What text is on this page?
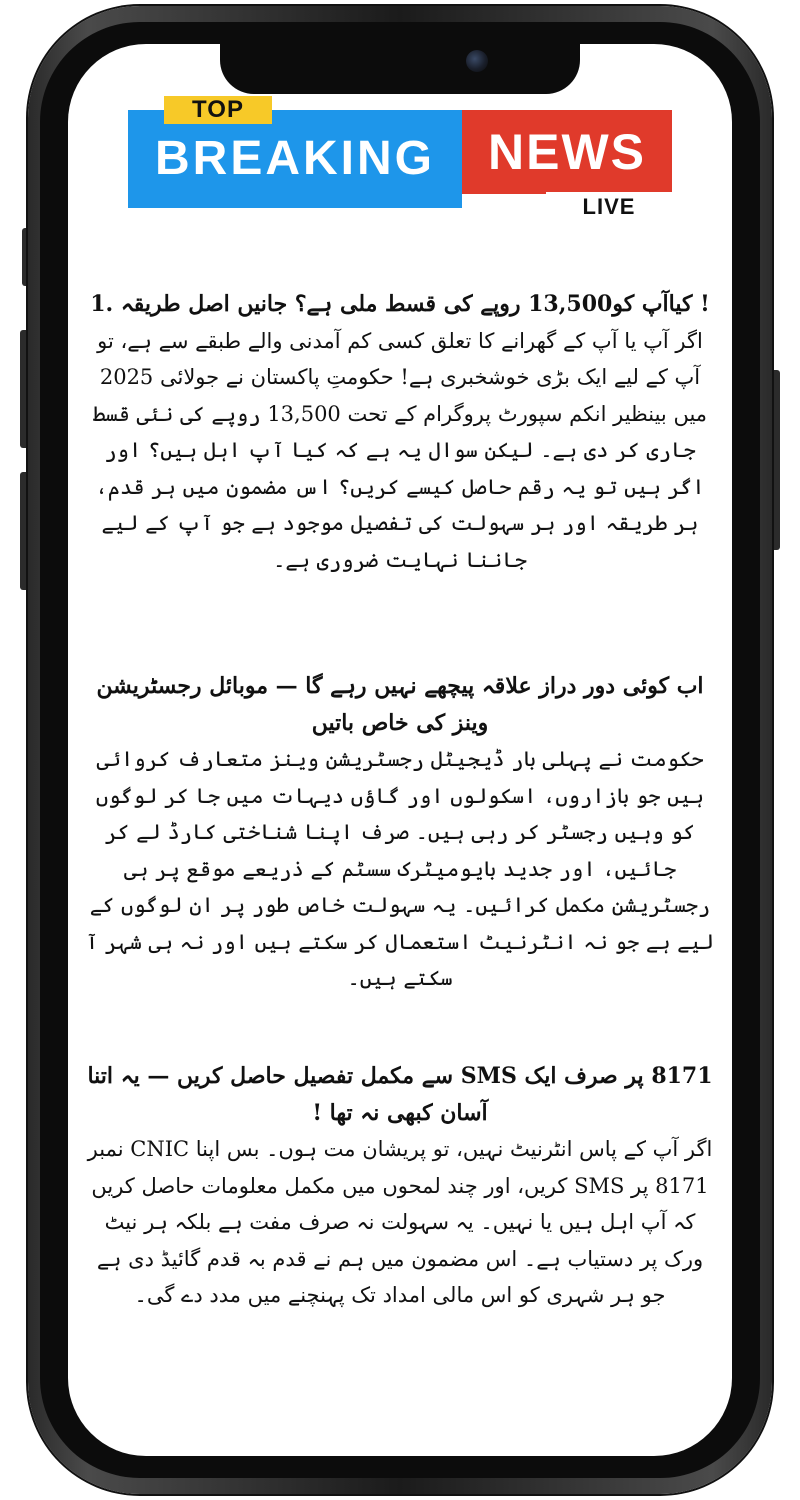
BREAKING	NEWS
TOP
LIVE

! کیاآپ کو13,500 روپے کی قسط ملی ہے؟ جانیں اصل طریقہ .1

اگر آپ یا آپ کے گھرانے کا تعلق کسی کم آمدنی والے طبقے سے ہے، تو آپ کے لیے ایک بڑی خوشخبری ہے! حکومتِ پاکستان نے جولائی 2025 میں بینظیر انکم سپورٹ پروگرام کے تحت 13,500 روپے کی نئی قسط جاری کر دی ہے۔ لیکن سوال یہ ہے کہ کیا آپ اہل ہیں؟ اور اگر ہیں تو یہ رقم حاصل کیسے کریں؟ اس مضمون میں ہر قدم، ہر طریقہ اور ہر سہولت کی تفصیل موجود ہے جو آپ کے لیے جاننا نہایت ضروری ہے۔

اب کوئی دور دراز علاقہ پیچھے نہیں رہے گا — موبائل رجسٹریشن وینز کی خاص باتیں

حکومت نے پہلی بار ڈیجیٹل رجسٹریشن وینز متعارف کروائی ہیں جو بازاروں، اسکولوں اور گاؤں دیہات میں جا کر لوگوں کو وہیں رجسٹر کر رہی ہیں۔ صرف اپنا شناختی کارڈ لے کر جائیں، اور جدید بایومیٹرک سسٹم کے ذریعے موقع پر ہی رجسٹریشن مکمل کرائیں۔ یہ سہولت خاص طور پر ان لوگوں کے لیے ہے جو نہ انٹرنیٹ استعمال کر سکتے ہیں اور نہ ہی شہر آ سکتے ہیں۔

8171 پر صرف ایک SMS سے مکمل تفصیل حاصل کریں — یہ اتنا آسان کبھی نہ تھا !

اگر آپ کے پاس انٹرنیٹ نہیں، تو پریشان مت ہوں۔ بس اپنا CNIC نمبر 8171 پر SMS کریں، اور چند لمحوں میں مکمل معلومات حاصل کریں کہ آپ اہل ہیں یا نہیں۔ یہ سہولت نہ صرف مفت ہے بلکہ ہر نیٹ ورک پر دستیاب ہے۔ اس مضمون میں ہم نے قدم بہ قدم گائیڈ دی ہے جو ہر شہری کو اس مالی امداد تک پہنچنے میں مدد دے گی۔
